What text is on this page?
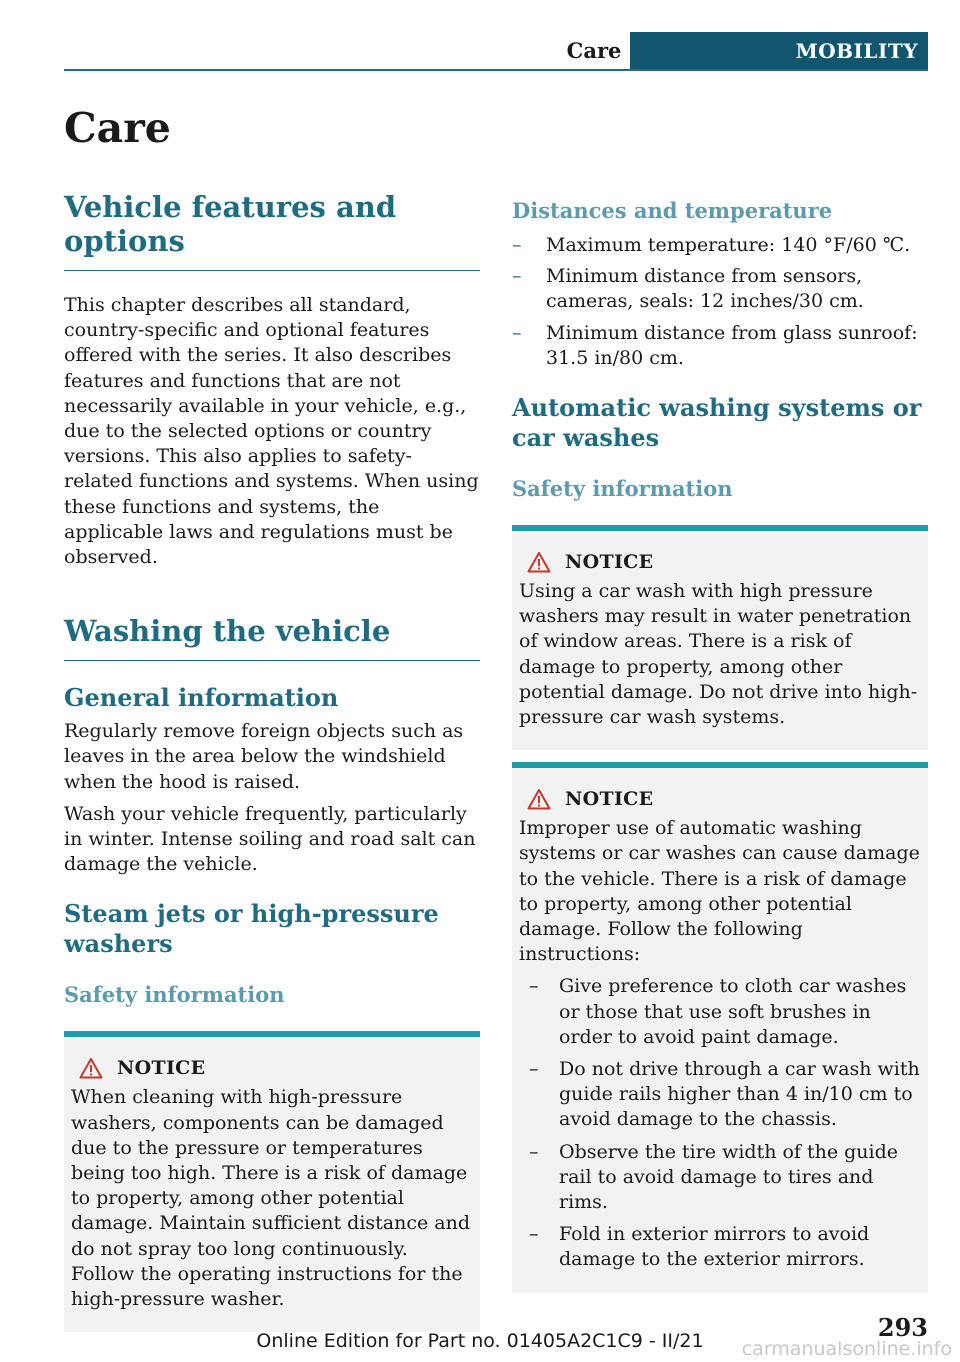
Care	MOBILITY
Care
Vehicle features and options

This chapter describes all standard, country-specific and optional features offered with the series. It also describes features and functions that are not necessarily available in your vehicle, e.g., due to the selected options or country versions. This also applies to safety-related functions and systems. When using these functions and systems, the applicable laws and regulations must be observed.

Washing the vehicle
General information

Regularly remove foreign objects such as leaves in the area below the windshield when the hood is raised.

Wash your vehicle frequently, particularly in winter. Intense soiling and road salt can damage the vehicle.

Steam jets or high-pressure washers
Safety information
NOTICE

When cleaning with high-pressure washers, components can be damaged due to the pressure or temperatures being too high. There is a risk of damage to property, among other potential damage. Maintain sufficient distance and do not spray too long continuously. Follow the operating instructions for the high-pressure washer.

Distances and temperature
– Maximum temperature: 140 °F/60 ℃.
– Minimum distance from sensors, cameras, seals: 12 inches/30 cm.
– Minimum distance from glass sunroof: 31.5 in/80 cm.
Automatic washing systems or car washes
Safety information
NOTICE

Using a car wash with high pressure washers may result in water penetration of window areas. There is a risk of damage to property, among other potential damage. Do not drive into high-pressure car wash systems.

NOTICE

Improper use of automatic washing systems or car washes can cause damage to the vehicle. There is a risk of damage to property, among other potential damage. Follow the following instructions:

– Give preference to cloth car washes or those that use soft brushes in order to avoid paint damage.
– Do not drive through a car wash with guide rails higher than 4 in/10 cm to avoid damage to the chassis.
– Observe the tire width of the guide rail to avoid damage to tires and rims.
– Fold in exterior mirrors to avoid damage to the exterior mirrors.
293
Online Edition for Part no. 01405A2C1C9 - II/21	carmanualsonline.info
